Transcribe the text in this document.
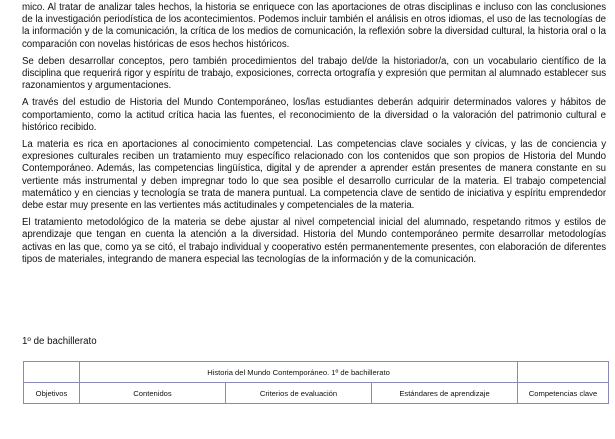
mico. Al tratar de analizar tales hechos, la historia se enriquece con las aportaciones de otras disciplinas e incluso con las conclusiones de la investigación periodística de los acontecimientos. Podemos incluir también el análisis en otros idiomas, el uso de las tecnologías de la información y de la comunicación, la crítica de los medios de comunicación, la reflexión sobre la diversidad cultural, la historia oral o la comparación con novelas históricas de esos hechos históricos.

Se deben desarrollar conceptos, pero también procedimientos del trabajo del/de la historiador/a, con un vocabulario científico de la disciplina que requerirá rigor y espíritu de trabajo, exposiciones, correcta ortografía y expresión que permitan al alumnado establecer sus razonamientos y argumentaciones.

A través del estudio de Historia del Mundo Contemporáneo, los/las estudiantes deberán adquirir determinados valores y hábitos de comportamiento, como la actitud crítica hacia las fuentes, el reconocimiento de la diversidad o la valoración del patrimonio cultural e histórico recibido.

La materia es rica en aportaciones al conocimiento competencial. Las competencias clave sociales y cívicas, y las de conciencia y expresiones culturales reciben un tratamiento muy específico relacionado con los contenidos que son propios de Historia del Mundo Contemporáneo. Además, las competencias lingüística, digital y de aprender a aprender están presentes de manera constante en su vertiente más instrumental y deben impregnar todo lo que sea posible el desarrollo curricular de la materia. El trabajo competencial matemático y en ciencias y tecnología se trata de manera puntual. La competencia clave de sentido de iniciativa y espíritu emprendedor debe estar muy presente en las vertientes más actitudinales y competenciales de la materia.

El tratamiento metodológico de la materia se debe ajustar al nivel competencial inicial del alumnado, respetando ritmos y estilos de aprendizaje que tengan en cuenta la atención a la diversidad. Historia del Mundo contemporáneo permite desarrollar metodologías activas en las que, como ya se citó, el trabajo individual y cooperativo estén permanentemente presentes, con elaboración de diferentes tipos de materiales, integrando de manera especial las tecnologías de la información y de la comunicación.

1º de bachillerato
	Historia del Mundo Contemporáneo. 1º de bachillerato			
Objetivos	Contenidos	Criterios de evaluación	Estándares de aprendizaje	Competencias clave
